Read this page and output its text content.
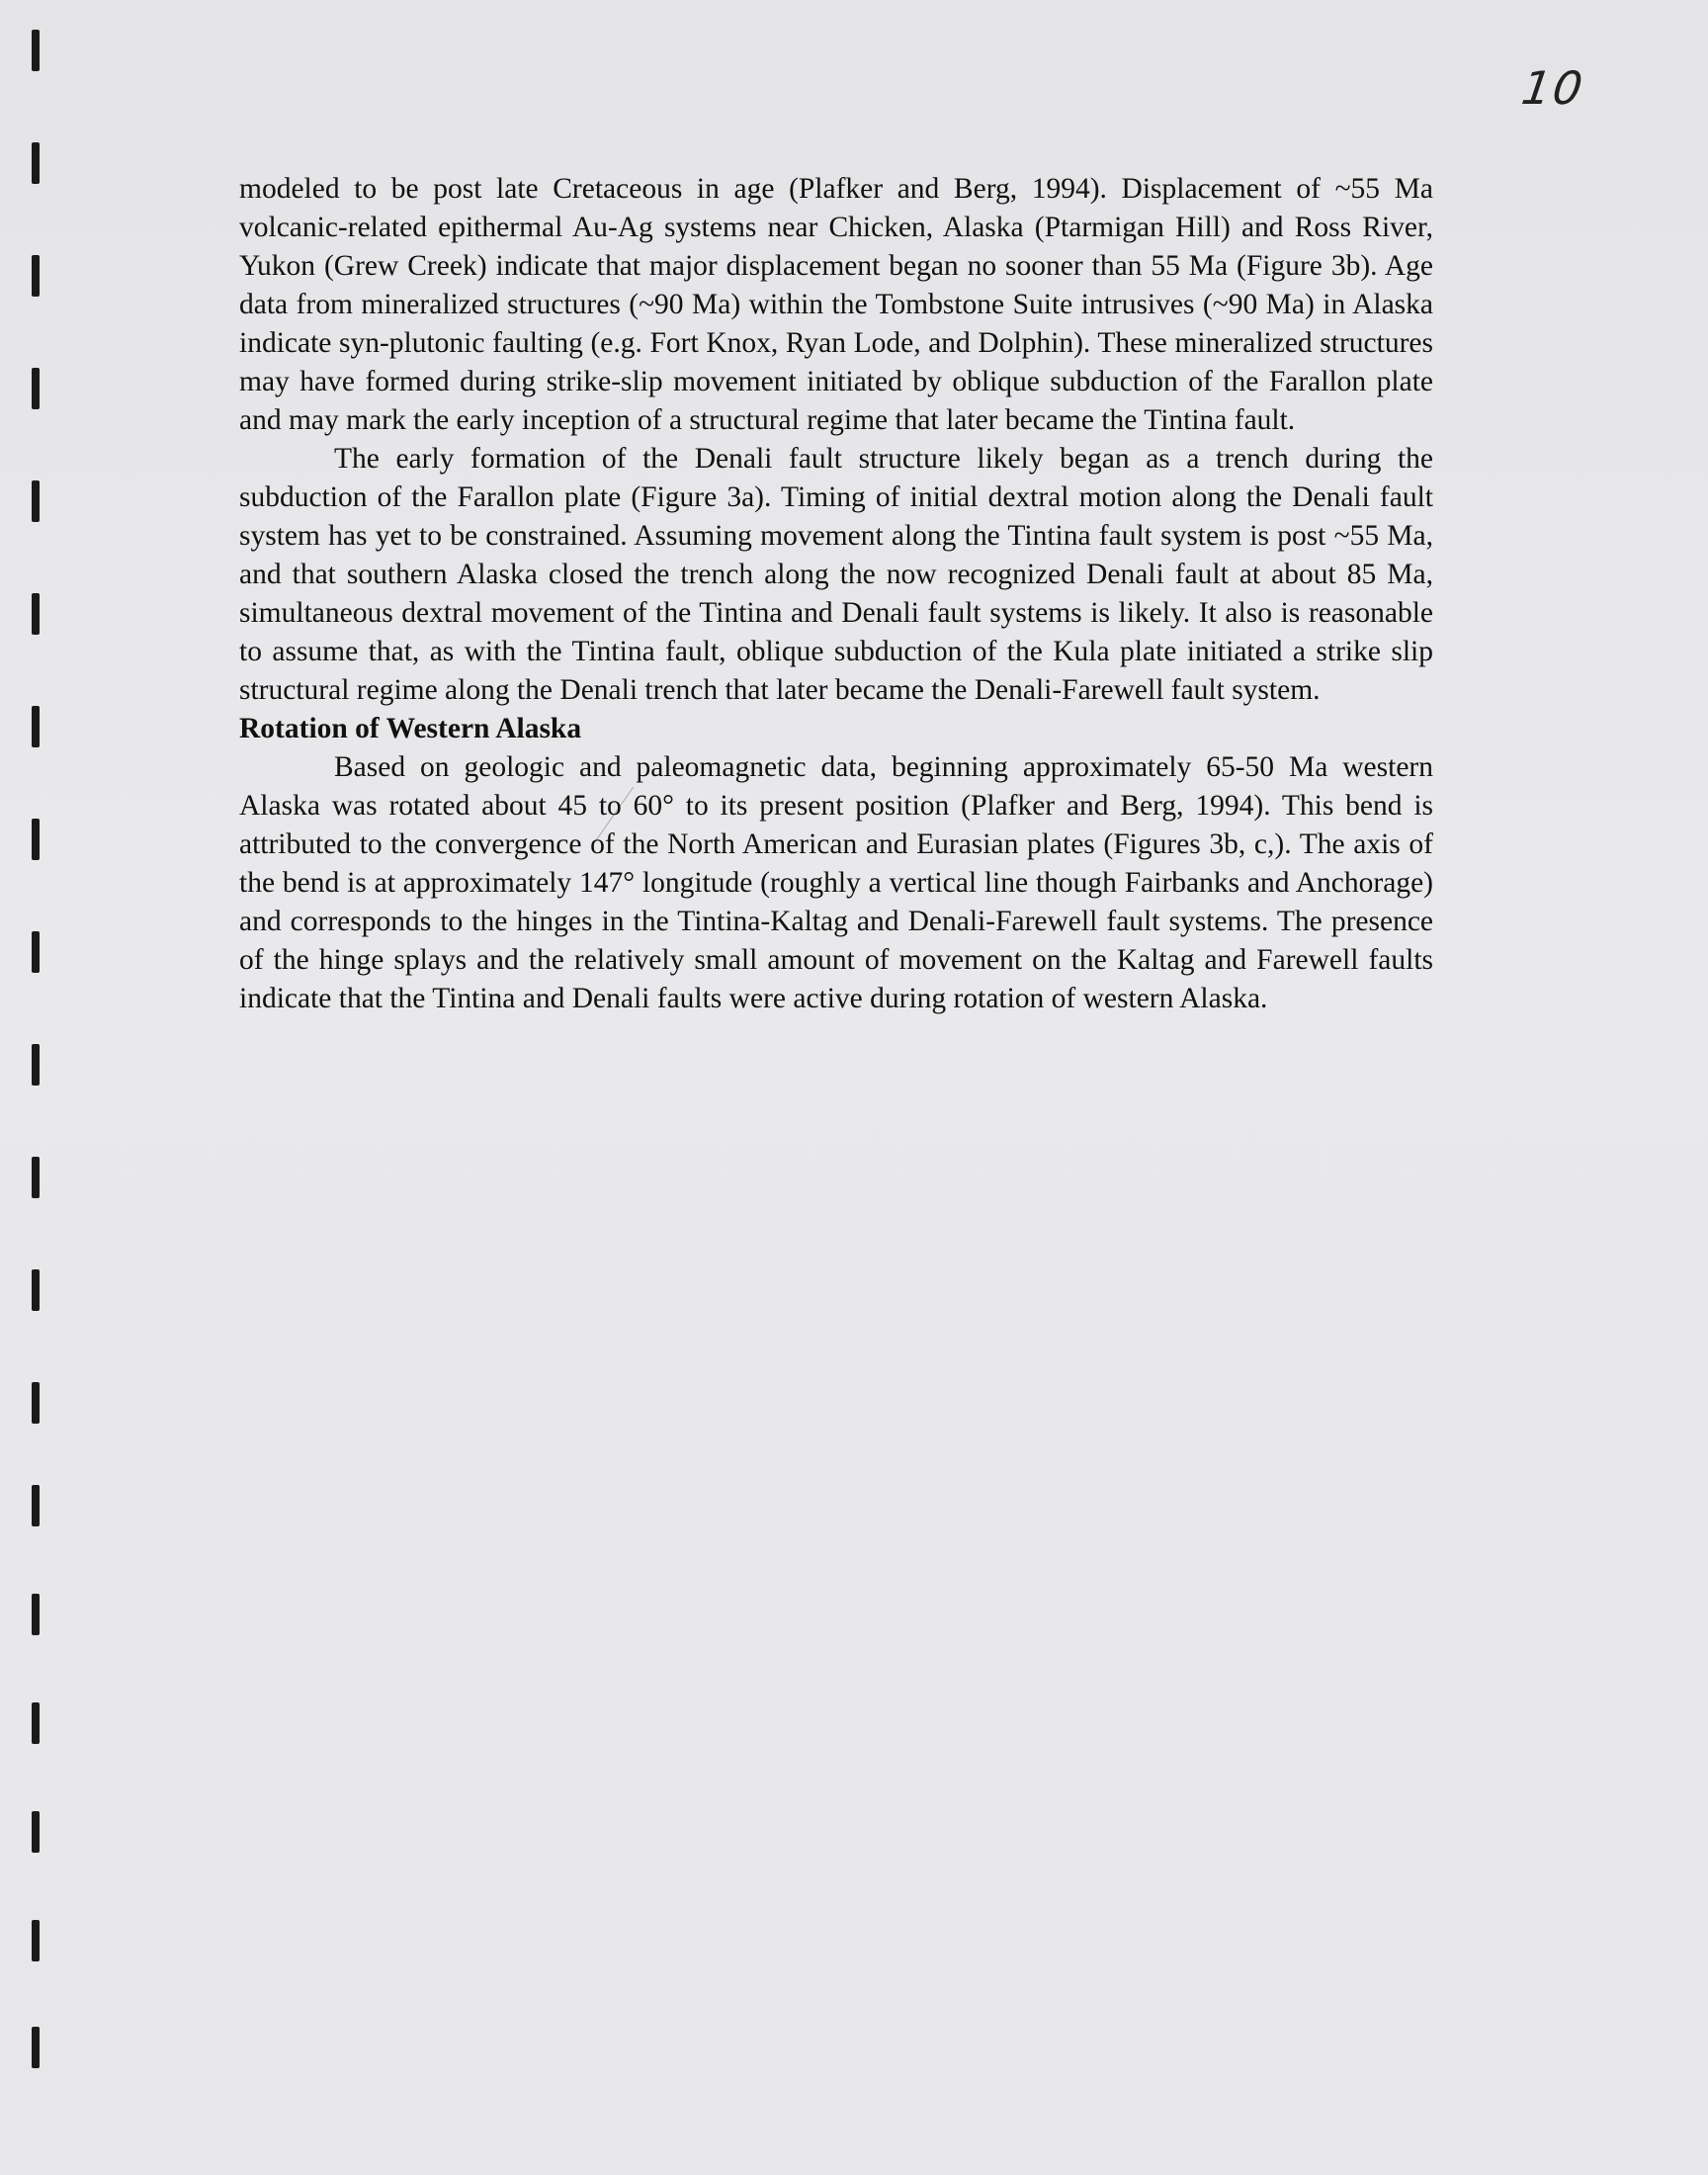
10

modeled to be post late Cretaceous in age (Plafker and Berg, 1994). Displacement of ~55 Ma volcanic-related epithermal Au-Ag systems near Chicken, Alaska (Ptarmigan Hill) and Ross River, Yukon (Grew Creek) indicate that major displacement began no sooner than 55 Ma (Figure 3b). Age data from mineralized structures (~90 Ma) within the Tombstone Suite intrusives (~90 Ma) in Alaska indicate syn-plutonic faulting (e.g. Fort Knox, Ryan Lode, and Dolphin). These mineralized structures may have formed during strike-slip movement initiated by oblique subduction of the Farallon plate and may mark the early inception of a structural regime that later became the Tintina fault.

The early formation of the Denali fault structure likely began as a trench during the subduction of the Farallon plate (Figure 3a). Timing of initial dextral motion along the Denali fault system has yet to be constrained. Assuming movement along the Tintina fault system is post ~55 Ma, and that southern Alaska closed the trench along the now recognized Denali fault at about 85 Ma, simultaneous dextral movement of the Tintina and Denali fault systems is likely. It also is reasonable to assume that, as with the Tintina fault, oblique subduction of the Kula plate initiated a strike slip structural regime along the Denali trench that later became the Denali-Farewell fault system.

Rotation of Western Alaska

Based on geologic and paleomagnetic data, beginning approximately 65-50 Ma western Alaska was rotated about 45 to 60° to its present position (Plafker and Berg, 1994). This bend is attributed to the convergence of the North American and Eurasian plates (Figures 3b, c,). The axis of the bend is at approximately 147° longitude (roughly a vertical line though Fairbanks and Anchorage) and corresponds to the hinges in the Tintina-Kaltag and Denali-Farewell fault systems. The presence of the hinge splays and the relatively small amount of movement on the Kaltag and Farewell faults indicate that the Tintina and Denali faults were active during rotation of western Alaska.
